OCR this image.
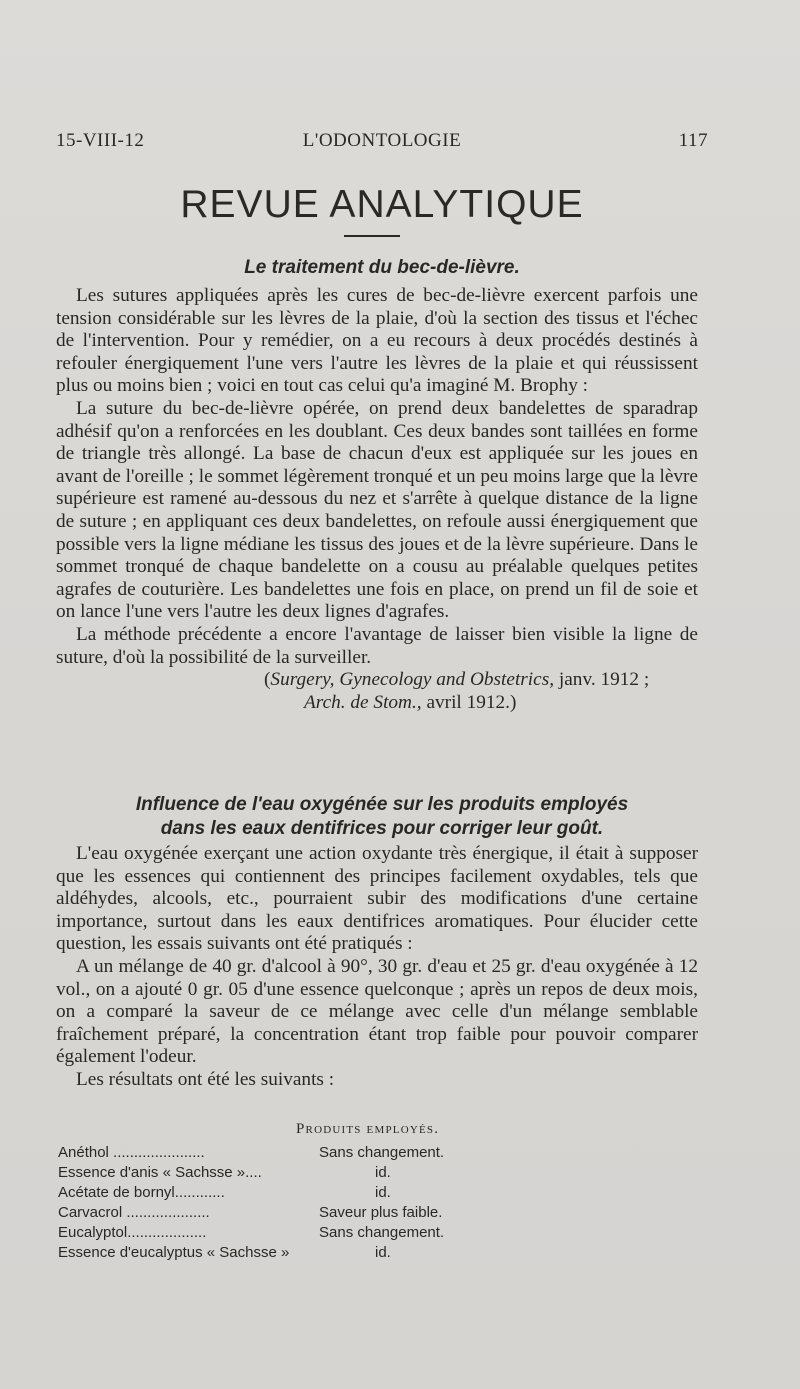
15-VIII-12	L'ODONTOLOGIE	117
REVUE ANALYTIQUE
Le traitement du bec-de-lièvre.

Les sutures appliquées après les cures de bec-de-lièvre exercent parfois une tension considérable sur les lèvres de la plaie, d'où la section des tissus et l'échec de l'intervention. Pour y remédier, on a eu recours à deux procédés destinés à refouler énergiquement l'une vers l'autre les lèvres de la plaie et qui réussissent plus ou moins bien ; voici en tout cas celui qu'a imaginé M. Brophy :

La suture du bec-de-lièvre opérée, on prend deux bandelettes de sparadrap adhésif qu'on a renforcées en les doublant. Ces deux bandes sont taillées en forme de triangle très allongé. La base de chacun d'eux est appliquée sur les joues en avant de l'oreille ; le sommet légèrement tronqué et un peu moins large que la lèvre supérieure est ramené au-dessous du nez et s'arrête à quelque distance de la ligne de suture ; en appliquant ces deux bandelettes, on refoule aussi énergiquement que possible vers la ligne médiane les tissus des joues et de la lèvre supérieure. Dans le sommet tronqué de chaque bandelette on a cousu au préalable quelques petites agrafes de couturière. Les bandelettes une fois en place, on prend un fil de soie et on lance l'une vers l'autre les deux lignes d'agrafes.

La méthode précédente a encore l'avantage de laisser bien visible la ligne de suture, d'où la possibilité de la surveiller.

(Surgery, Gynecology and Obstetrics, janv. 1912 ;
Arch. de Stom., avril 1912.)
Influence de l'eau oxygénée sur les produits employés
dans les eaux dentifrices pour corriger leur goût.

L'eau oxygénée exerçant une action oxydante très énergique, il était à supposer que les essences qui contiennent des principes facilement oxydables, tels que aldéhydes, alcools, etc., pourraient subir des modifications d'une certaine importance, surtout dans les eaux dentifrices aromatiques. Pour élucider cette question, les essais suivants ont été pratiqués :

A un mélange de 40 gr. d'alcool à 90°, 30 gr. d'eau et 25 gr. d'eau oxygénée à 12 vol., on a ajouté 0 gr. 05 d'une essence quelconque ; après un repos de deux mois, on a comparé la saveur de ce mélange avec celle d'un mélange semblable fraîchement préparé, la concentration étant trop faible pour pouvoir comparer également l'odeur.

Les résultats ont été les suivants :

Produits employés.
Anéthol ......................	Sans changement.
Essence d'anis « Sachsse »....	id.
Acétate de bornyl............	id.
Carvacrol ....................	Saveur plus faible.
Eucalyptol...................	Sans changement.
Essence d'eucalyptus « Sachsse »	id.
